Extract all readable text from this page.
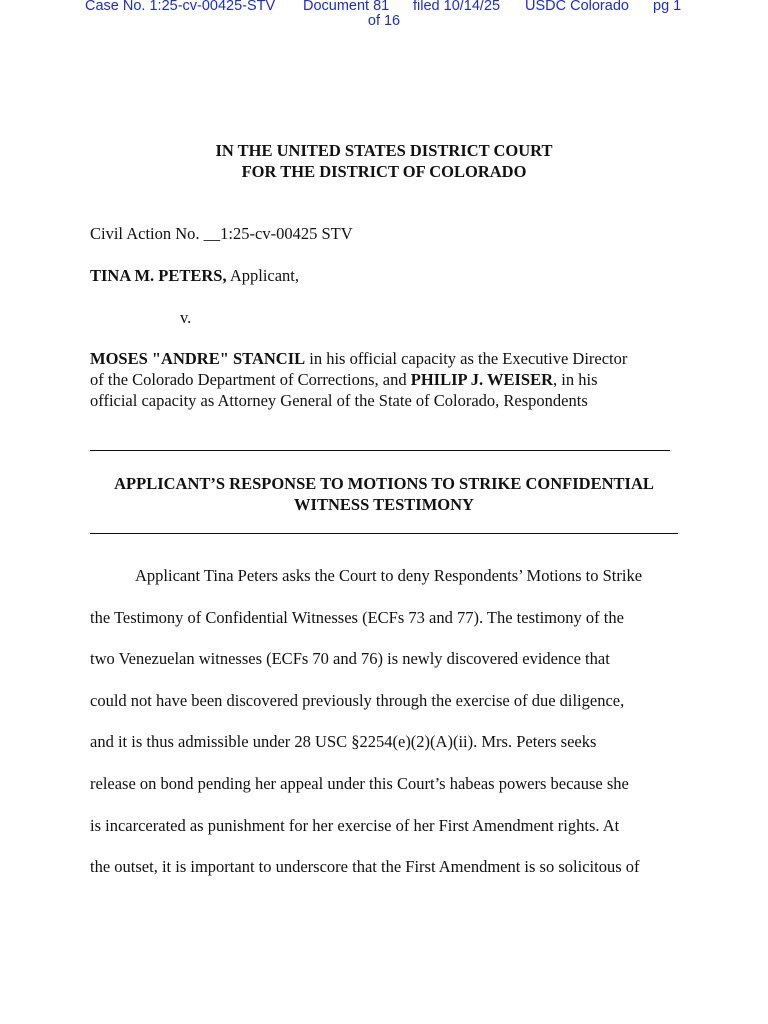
Case No. 1:25-cv-00425-STV Document 81 filed 10/14/25 USDC Colorado pg 1
of 16
IN THE UNITED STATES DISTRICT COURT
FOR THE DISTRICT OF COLORADO
Civil Action No. __1:25-cv-00425 STV
TINA M. PETERS, Applicant,
v.
MOSES "ANDRE" STANCIL in his official capacity as the Executive Director
of the Colorado Department of Corrections, and PHILIP J. WEISER, in his
official capacity as Attorney General of the State of Colorado, Respondents
APPLICANT’S RESPONSE TO MOTIONS TO STRIKE CONFIDENTIAL
WITNESS TESTIMONY
Applicant Tina Peters asks the Court to deny Respondents’ Motions to Strike
the Testimony of Confidential Witnesses (ECFs 73 and 77). The testimony of the
two Venezuelan witnesses (ECFs 70 and 76) is newly discovered evidence that
could not have been discovered previously through the exercise of due diligence,
and it is thus admissible under 28 USC §2254(e)(2)(A)(ii). Mrs. Peters seeks
release on bond pending her appeal under this Court’s habeas powers because she
is incarcerated as punishment for her exercise of her First Amendment rights. At
the outset, it is important to underscore that the First Amendment is so solicitous of
